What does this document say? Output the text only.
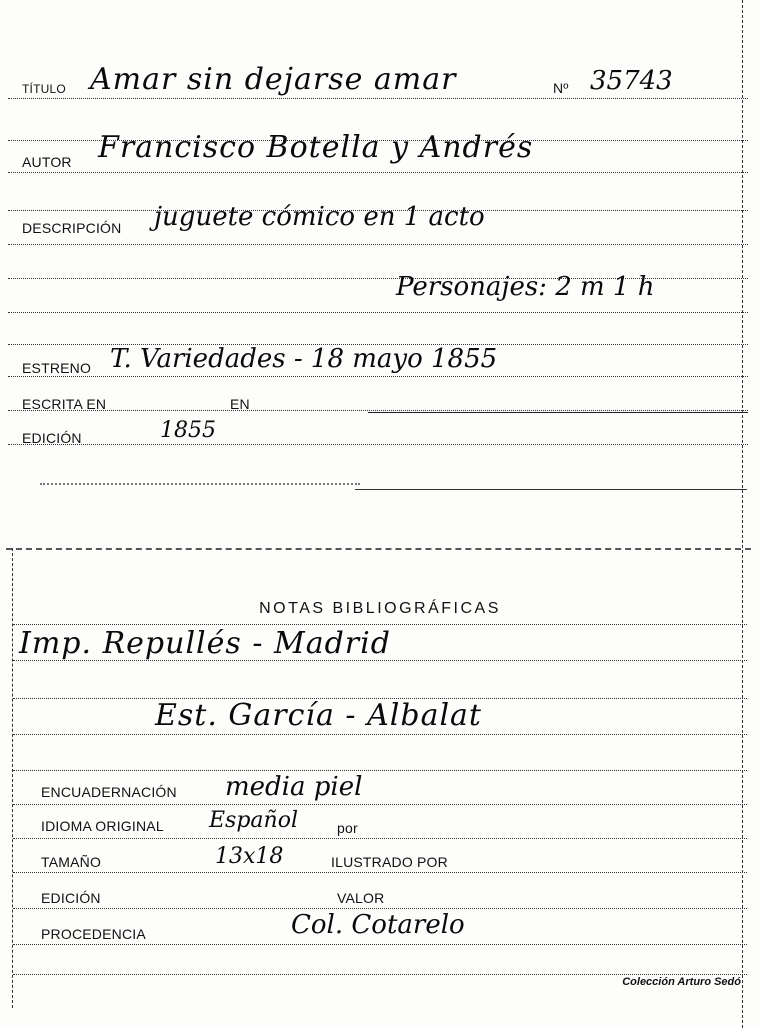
TÍTULO Amar sin dejarse amar	Nº 35743
AUTOR Francisco Botella y Andrés
DESCRIPCIÓN juguete cómico en 1 acto
Personajes: 2 m 1 h
ESTRENO T. Variedades - 18 mayo 1855
ESCRITA EN	EN
EDICIÓN	1855
NOTAS BIBLIOGRÁFICAS
Imp. Repullés - Madrid
Est. García - Albalat
ENCUADERNACIÓN media piel
IDIOMA ORIGINAL Español	por
TAMAÑO	13x18	ILUSTRADO POR
EDICIÓN	VALOR
PROCEDENCIA	Col. Cotarelo
Colección Arturo Sedó
